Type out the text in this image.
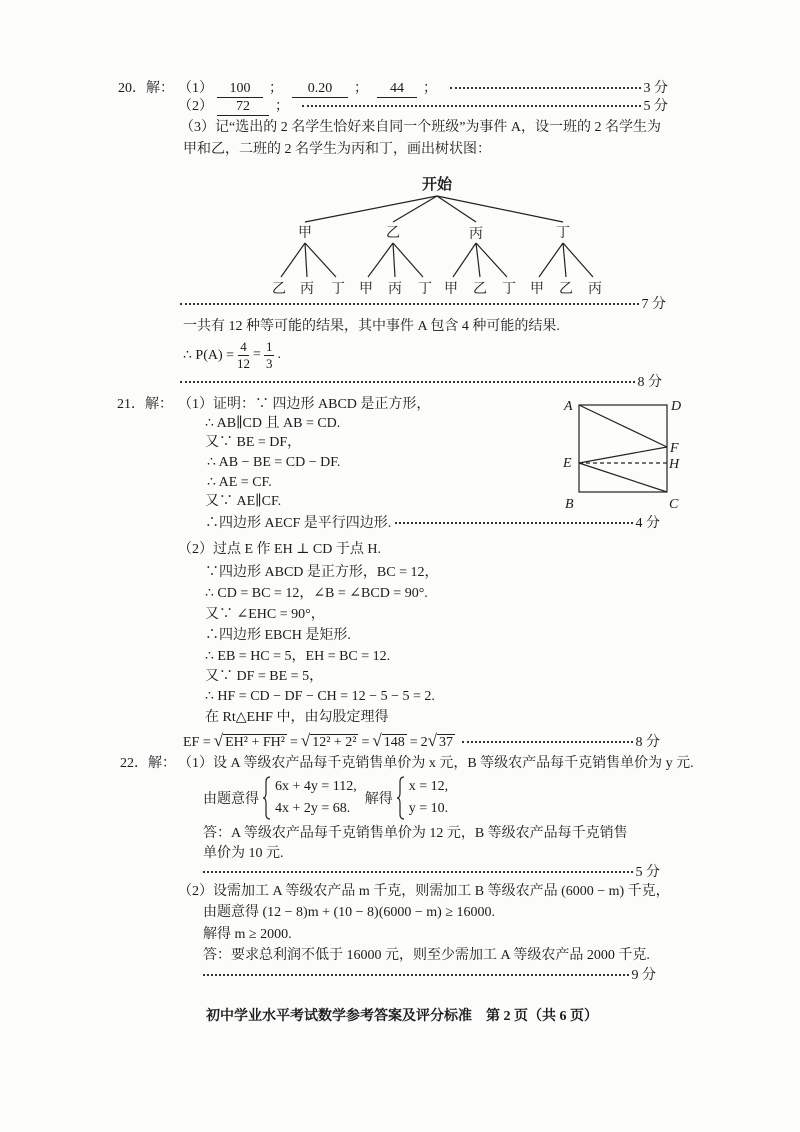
20．解： （1）	100	；	0.20	；	44	；	3 分
（2）	72	；	5 分
（3）记“选出的 2 名学生恰好来自同一个班级”为事件 A，设一班的 2 名学生为
甲和乙，二班的 2 名学生为丙和丁，画出树状图：
开始
甲	乙	丙	丁
乙 丙 丁 甲 丙 丁 甲 乙 丁 甲 乙 丙
7 分
一共有 12 种等可能的结果，其中事件 A 包含 4 种可能的结果.
∴ $P(A) = \frac{4}{12} = \frac{1}{3}$ .
8 分
21．解： （1）证明：∵ 四边形 ABCD 是正方形，
∴ AB∥CD 且 AB = CD.
又∵ BE = DF，
∴ AB − BE = CD − DF.
∴ AE = CF.
又∵ AE∥CF.
∴四边形 AECF 是平行四边形.	4 分
A	D
E
F
H
B	C
（2）过点 E 作 EH ⊥ CD 于点 H.
∵四边形 ABCD 是正方形，BC = 12，
∴ CD = BC = 12，∠B = ∠BCD = 90°.
又∵ ∠EHC = 90°，
∴四边形 EBCH 是矩形.
∴ EB = HC = 5，EH = BC = 12.
又∵ DF = BE = 5，
∴ HF = CD − DF − CH = 12 − 5 − 5 = 2.
在 Rt△EHF 中，由勾股定理得
EF = √ EH² + FH² = √ 12² + 2² = √ 148 = 2 √ 37	8 分
22．解： （1）设 A 等级农产品每千克销售单价为 x 元，B 等级农产品每千克销售单价为 y 元.
由题意得
6x + 4y = 112,
4x + 2y = 68.
解得
x = 12,
y = 10.
答：A 等级农产品每千克销售单价为 12 元，B 等级农产品每千克销售
单价为 10 元.
5 分
（2）设需加工 A 等级农产品 m 千克，则需加工 B 等级农产品 (6000 − m) 千克，
由题意得 (12 − 8)m + (10 − 8)(6000 − m) ≥ 16000.
解得 m ≥ 2000.
答：要求总利润不低于 16000 元，则至少需加工 A 等级农产品 2000 千克.
9 分
初中学业水平考试数学参考答案及评分标准　第 2 页（共 6 页）
